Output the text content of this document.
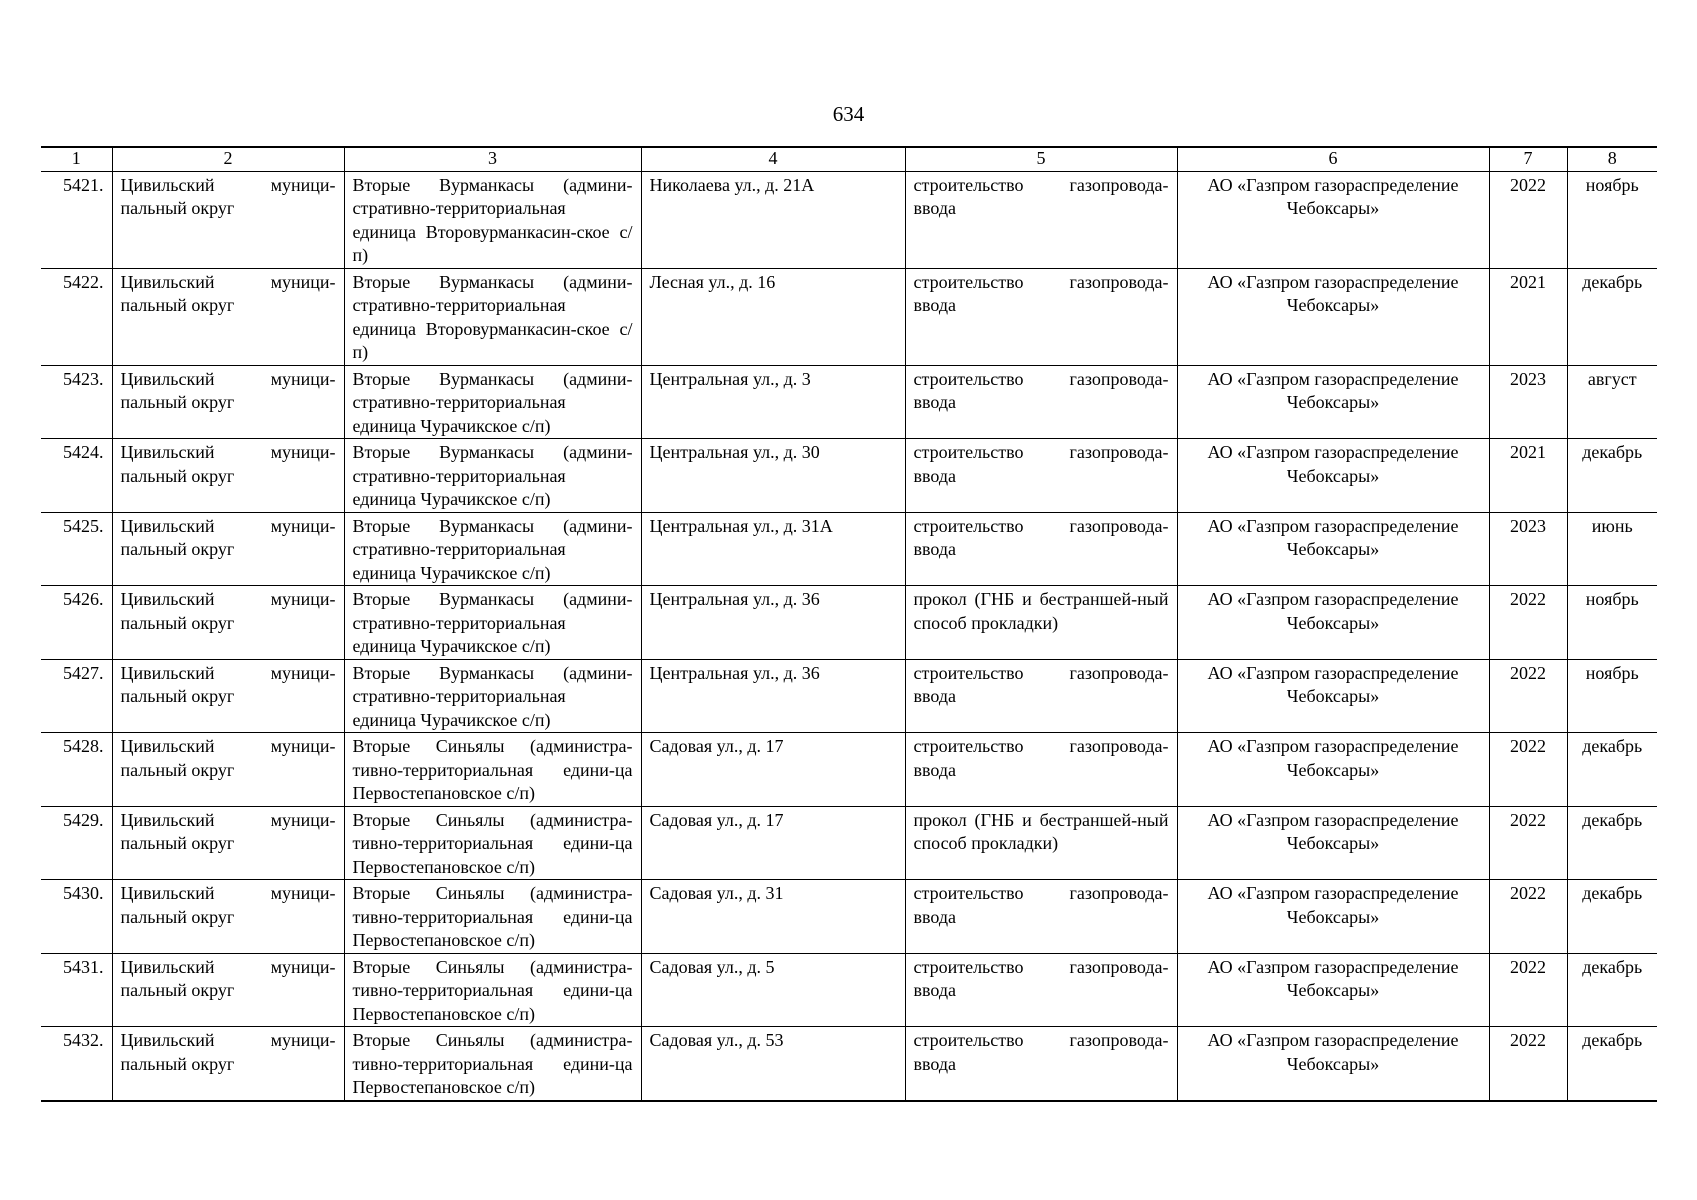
634
1	2	3	4	5	6	7	8
5421.	Цивильский муници-пальный округ	Вторые Вурманкасы (админи-стративно-территориальная единица Второвурманкасин-ское с/п)	Николаева ул., д. 21А	строительство газопровода-ввода	АО «Газпром газораспределение Чебоксары»	2022	ноябрь
5422.	Цивильский муници-пальный округ	Вторые Вурманкасы (админи-стративно-территориальная единица Второвурманкасин-ское с/п)	Лесная ул., д. 16	строительство газопровода-ввода	АО «Газпром газораспределение Чебоксары»	2021	декабрь
5423.	Цивильский муници-пальный округ	Вторые Вурманкасы (админи-стративно-территориальная единица Чурачикское с/п)	Центральная ул., д. 3	строительство газопровода-ввода	АО «Газпром газораспределение Чебоксары»	2023	август
5424.	Цивильский муници-пальный округ	Вторые Вурманкасы (админи-стративно-территориальная единица Чурачикское с/п)	Центральная ул., д. 30	строительство газопровода-ввода	АО «Газпром газораспределение Чебоксары»	2021	декабрь
5425.	Цивильский муници-пальный округ	Вторые Вурманкасы (админи-стративно-территориальная единица Чурачикское с/п)	Центральная ул., д. 31А	строительство газопровода-ввода	АО «Газпром газораспределение Чебоксары»	2023	июнь
5426.	Цивильский муници-пальный округ	Вторые Вурманкасы (админи-стративно-территориальная единица Чурачикское с/п)	Центральная ул., д. 36	прокол (ГНБ и бестраншей-ный способ прокладки)	АО «Газпром газораспределение Чебоксары»	2022	ноябрь
5427.	Цивильский муници-пальный округ	Вторые Вурманкасы (админи-стративно-территориальная единица Чурачикское с/п)	Центральная ул., д. 36	строительство газопровода-ввода	АО «Газпром газораспределение Чебоксары»	2022	ноябрь
5428.	Цивильский муници-пальный округ	Вторые Синьялы (администра-тивно-территориальная едини-ца Первостепановское с/п)	Садовая ул., д. 17	строительство газопровода-ввода	АО «Газпром газораспределение Чебоксары»	2022	декабрь
5429.	Цивильский муници-пальный округ	Вторые Синьялы (администра-тивно-территориальная едини-ца Первостепановское с/п)	Садовая ул., д. 17	прокол (ГНБ и бестраншей-ный способ прокладки)	АО «Газпром газораспределение Чебоксары»	2022	декабрь
5430.	Цивильский муници-пальный округ	Вторые Синьялы (администра-тивно-территориальная едини-ца Первостепановское с/п)	Садовая ул., д. 31	строительство газопровода-ввода	АО «Газпром газораспределение Чебоксары»	2022	декабрь
5431.	Цивильский муници-пальный округ	Вторые Синьялы (администра-тивно-территориальная едини-ца Первостепановское с/п)	Садовая ул., д. 5	строительство газопровода-ввода	АО «Газпром газораспределение Чебоксары»	2022	декабрь
5432.	Цивильский муници-пальный округ	Вторые Синьялы (администра-тивно-территориальная едини-ца Первостепановское с/п)	Садовая ул., д. 53	строительство газопровода-ввода	АО «Газпром газораспределение Чебоксары»	2022	декабрь
